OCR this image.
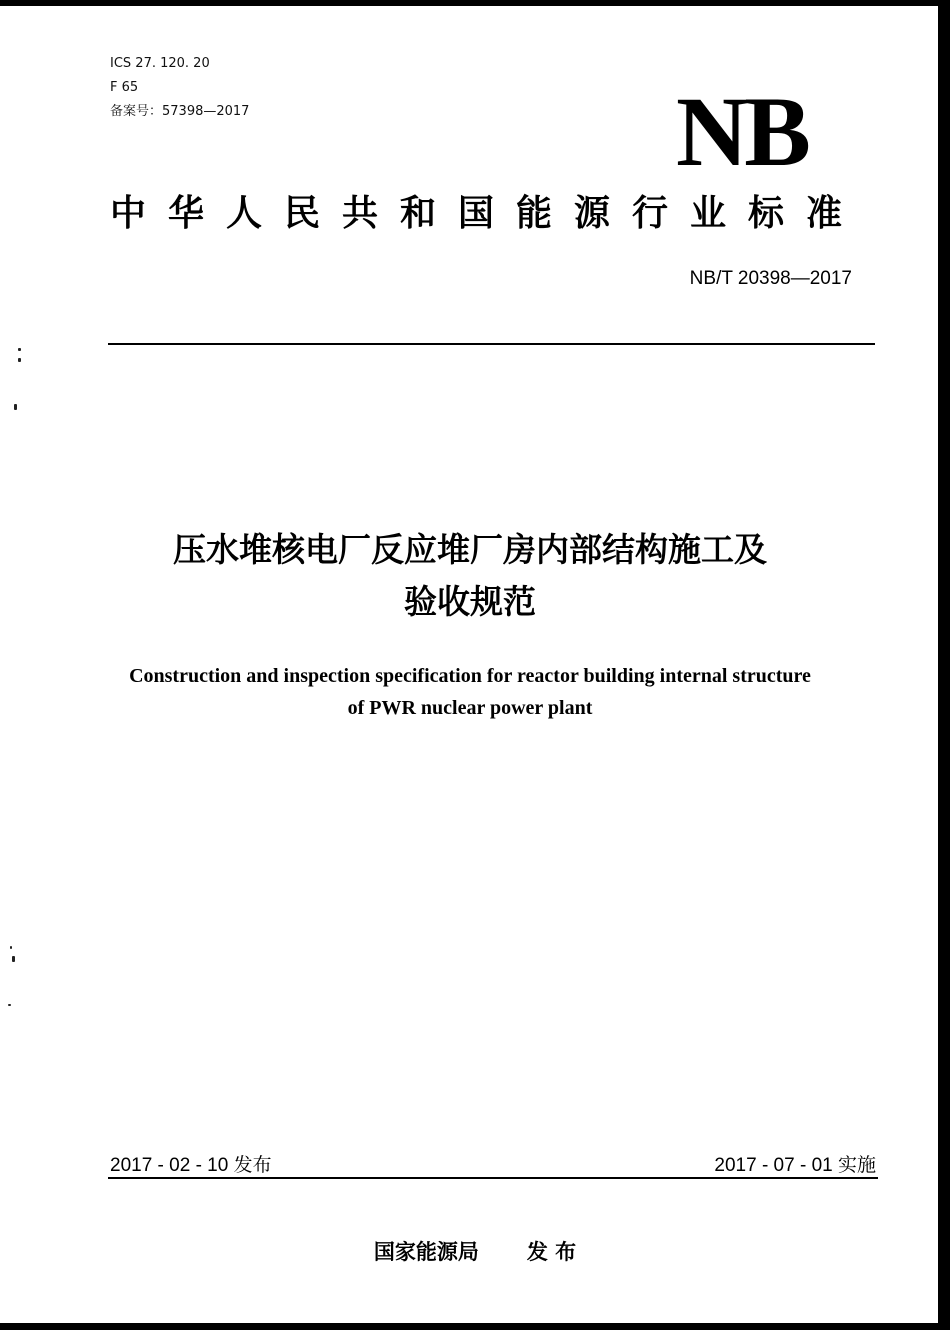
ICS 27. 120. 20
F 65
备案号：57398—2017	NB
中华人民共和国能源行业标准
NB/T 20398—2017
压水堆核电厂反应堆厂房内部结构施工及
验收规范
Construction and inspection specification for reactor building internal structure
of PWR nuclear power plant
2017 - 02 - 10 发布	2017 - 07 - 01 实施
国家能源局 发 布
